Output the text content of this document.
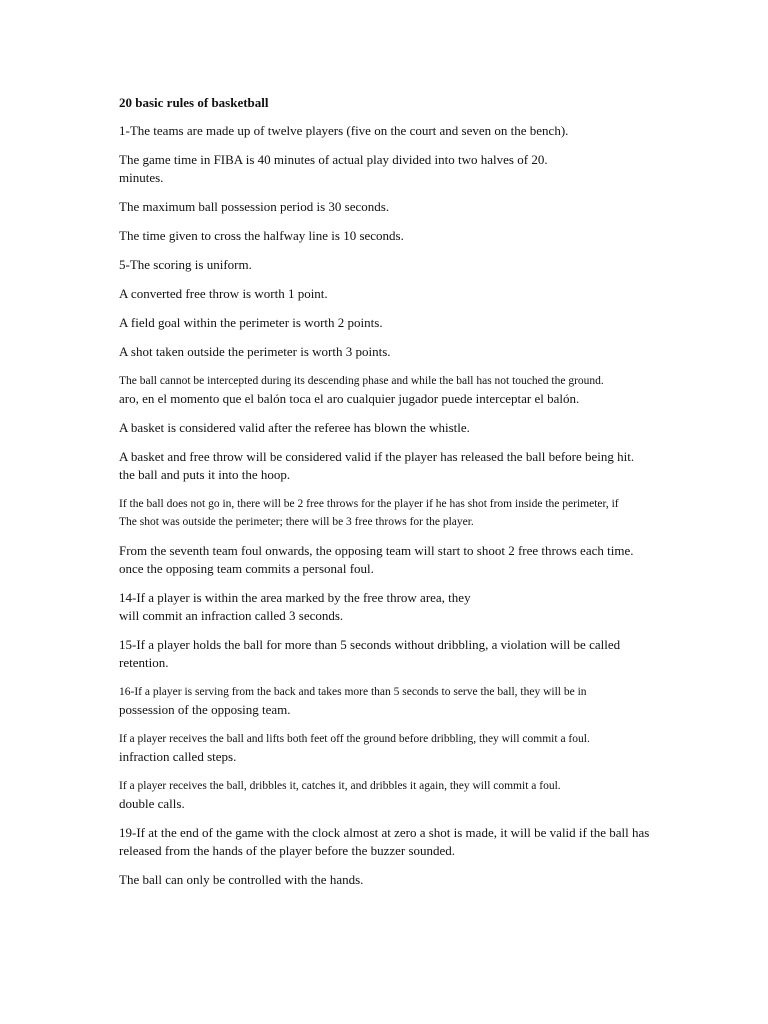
20 basic rules of basketball
1-The teams are made up of twelve players (five on the court and seven on the bench).
The game time in FIBA is 40 minutes of actual play divided into two halves of 20.
minutes.
The maximum ball possession period is 30 seconds.
The time given to cross the halfway line is 10 seconds.
5-The scoring is uniform.
A converted free throw is worth 1 point.
A field goal within the perimeter is worth 2 points.
A shot taken outside the perimeter is worth 3 points.
The ball cannot be intercepted during its descending phase and while the ball has not touched the ground.
aro, en el momento que el balón toca el aro cualquier jugador puede interceptar el balón.
A basket is considered valid after the referee has blown the whistle.
A basket and free throw will be considered valid if the player has released the ball before being hit.
the ball and puts it into the hoop.
If the ball does not go in, there will be 2 free throws for the player if he has shot from inside the perimeter, if
The shot was outside the perimeter; there will be 3 free throws for the player.
From the seventh team foul onwards, the opposing team will start to shoot 2 free throws each time.
once the opposing team commits a personal foul.
14-If a player is within the area marked by the free throw area, they
will commit an infraction called 3 seconds.
15-If a player holds the ball for more than 5 seconds without dribbling, a violation will be called
retention.
16-If a player is serving from the back and takes more than 5 seconds to serve the ball, they will be in
possession of the opposing team.
If a player receives the ball and lifts both feet off the ground before dribbling, they will commit a foul.
infraction called steps.
If a player receives the ball, dribbles it, catches it, and dribbles it again, they will commit a foul.
double calls.
19-If at the end of the game with the clock almost at zero a shot is made, it will be valid if the ball has
released from the hands of the player before the buzzer sounded.
The ball can only be controlled with the hands.
